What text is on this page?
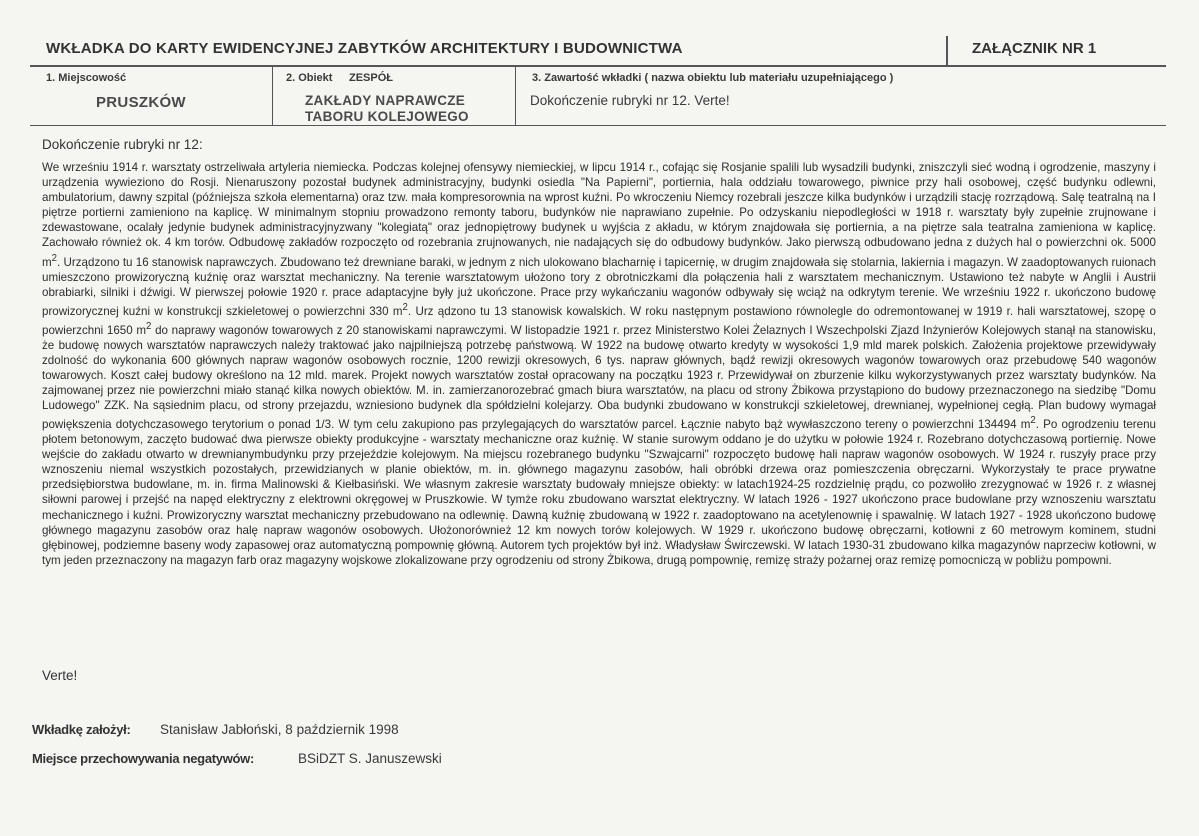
WKŁADKA DO KARTY EWIDENCYJNEJ ZABYTKÓW ARCHITEKTURY I BUDOWNICTWA	ZAŁĄCZNIK NR 1
1. Miejscowość
PRUSZKÓW
2. Obiekt ZESPÓŁ
ZAKŁADY NAPRAWCZE TABORU KOLEJOWEGO
3. Zawartość wkładki ( nazwa obiektu lub materiału uzupełniającego )
Dokończenie rubryki nr 12. Verte!
Dokończenie rubryki nr 12:
We wrześniu 1914 r. warsztaty ostrzeliwała artyleria niemiecka. Podczas kolejnej ofensywy niemieckiej, w lipcu 1914 r., cofając się Rosjanie spalili lub wysadzili budynki, zniszczyli sieć wodną i ogrodzenie, maszyny i urządzenia wywieziono do Rosji. Nienaruszony pozostał budynek administracyjny, budynki osiedla "Na Papierni", portiernia, hala oddziału towarowego, piwnice przy hali osobowej, część budynku odlewni, ambulatorium, dawny szpital (późniejsza szkoła elementarna) oraz tzw. mała kompresorownia na wprost kuźni. Po wkroczeniu Niemcy rozebrali jeszcze kilka budynków i urządzili stację rozrządową. Salę teatralną na I piętrze portierni zamieniono na kaplicę. W minimalnym stopniu prowadzono remonty taboru, budynków nie naprawiano zupełnie. Po odzyskaniu niepodległości w 1918 r. warsztaty były zupełnie zrujnowane i zdewastowane, ocalały jedynie budynek administracyjnyzwany "kolegiatą" oraz jednopiętrowy budynek u wyjścia z akładu, w którym znajdowała się portiernia, a na piętrze sala teatralna zamieniona w kaplicę. Zachowało również ok. 4 km torów. Odbudowę zakładów rozpoczęto od rozebrania zrujnowanych, nie nadających się do odbudowy budynków. Jako pierwszą odbudowano jedna z dużych hal o powierzchni ok. 5000 $m^2$. Urządzono tu 16 stanowisk naprawczych. Zbudowano też drewniane baraki, w jednym z nich ulokowano blacharnię i tapicernię, w drugim znajdowała się stolarnia, lakiernia i magazyn. W zaadoptowanych ruionach umieszczono prowizoryczną kuźnię oraz warsztat mechaniczny. Na terenie warsztatowym ułożono tory z obrotniczkami dla połączenia hali z warsztatem mechanicznym. Ustawiono też nabyte w Anglii i Austrii obrabiarki, silniki i dźwigi. W pierwszej połowie 1920 r. prace adaptacyjne były już ukończone. Prace przy wykańczaniu wagonów odbywały się wciąż na odkrytym terenie. We wrześniu 1922 r. ukończono budowę prowizorycznej kuźni w konstrukcji szkieletowej o powierzchni 330 $m^2$. Urz ądzono tu 13 stanowisk kowalskich. W roku następnym postawiono równolegle do odremontowanej w 1919 r. hali warsztatowej, szopę o powierzchni 1650 $m^2$ do naprawy wagonów towarowych z 20 stanowiskami naprawczymi. W listopadzie 1921 r. przez Ministerstwo Kolei Żelaznych I Wszechpolski Zjazd Inżynierów Kolejowych stanął na stanowisku, że budowę nowych warsztatów naprawczych należy traktować jako najpilniejszą potrzebę państwową. W 1922 na budowę otwarto kredyty w wysokości 1,9 mld marek polskich. Założenia projektowe przewidywały zdolność do wykonania 600 głównych napraw wagonów osobowych rocznie, 1200 rewizji okresowych, 6 tys. napraw głównych, bądź rewizji okresowych wagonów towarowych oraz przebudowę 540 wagonów towarowych. Koszt całej budowy określono na 12 mld. marek. Projekt nowych warsztatów został opracowany na początku 1923 r. Przewidywał on zburzenie kilku wykorzystywanych przez warsztaty budynków. Na zajmowanej przez nie powierzchni miało stanąć kilka nowych obiektów. M. in. zamierzanorozebrać gmach biura warsztatów, na placu od strony Żbikowa przystąpiono do budowy przeznaczonego na siedzibę "Domu Ludowego" ZZK. Na sąsiednim placu, od strony przejazdu, wzniesiono budynek dla spółdzielni kolejarzy. Oba budynki zbudowano w konstrukcji szkieletowej, drewnianej, wypełnionej cegłą. Plan budowy wymagał powiększenia dotychczasowego terytorium o ponad 1/3. W tym celu zakupiono pas przylegających do warsztatów parcel. Łącznie nabyto bąż wywłaszczono tereny o powierzchni 134494 $m^2$. Po ogrodzeniu terenu płotem betonowym, zaczęto budować dwa pierwsze obiekty produkcyjne - warsztaty mechaniczne oraz kuźnię. W stanie surowym oddano je do użytku w połowie 1924 r. Rozebrano dotychczasową portiernię. Nowe wejście do zakładu otwarto w drewnianymbudynku przy przejeździe kolejowym. Na miejscu rozebranego budynku "Szwajcarni" rozpoczęto budowę hali napraw wagonów osobowych. W 1924 r. ruszyły prace przy wznoszeniu niemal wszystkich pozostałych, przewidzianych w planie obiektów, m. in. głównego magazynu zasobów, hali obróbki drzewa oraz pomieszczenia obręczarni. Wykorzystały te prace prywatne przedsiębiorstwa budowlane, m. in. firma Malinowski & Kiełbasiński. We własnym zakresie warsztaty budowały mniejsze obiekty: w latach1924-25 rozdzielnię prądu, co pozwoliło zrezygnować w 1926 r. z własnej siłowni parowej i przejść na napęd elektryczny z elektrowni okręgowej w Pruszkowie. W tymże roku zbudowano warsztat elektryczny. W latach 1926 - 1927 ukończono prace budowlane przy wznoszeniu warsztatu mechanicznego i kuźni. Prowizoryczny warsztat mechaniczny przebudowano na odlewnię. Dawną kuźnię zbudowaną w 1922 r. zaadoptowano na acetylenownię i spawalnię. W latach 1927 - 1928 ukończono budowę głównego magazynu zasobów oraz halę napraw wagonów osobowych. Ułożonorównież 12 km nowych torów kolejowych. W 1929 r. ukończono budowę obręczarni, kotłowni z 60 metrowym kominem, studni głębinowej, podziemne baseny wody zapasowej oraz automatyczną pompownię główną. Autorem tych projektów był inż. Władysław Świrczewski. W latach 1930-31 zbudowano kilka magazynów naprzeciw kotłowni, w tym jeden przeznaczony na magazyn farb oraz magazyny wojskowe zlokalizowane przy ogrodzeniu od strony Żbikowa, drugą pompownię, remizę straży pożarnej oraz remizę pomocniczą w pobliżu pompowni.
Verte!
Wkładkę założył: Stanisław Jabłoński, 8 październik 1998
Miejsce przechowywania negatywów:	BSiDZT S. Januszewski
